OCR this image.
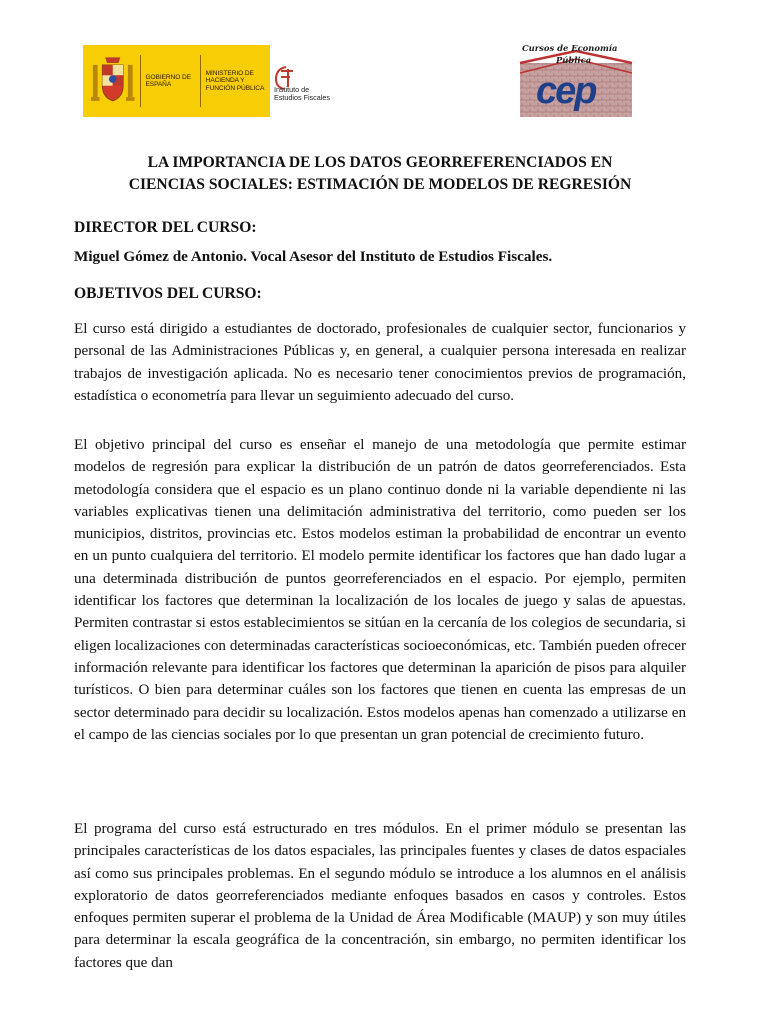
GOBIERNO DE ESPAÑA
MINISTERIO DE HACIENDA Y FUNCIÓN PÚBLICA	Instituto de Estudios Fiscales
Cursos de Economía
Pública
cep
LA IMPORTANCIA DE LOS DATOS GEORREFERENCIADOS EN
CIENCIAS SOCIALES: ESTIMACIÓN DE MODELOS DE REGRESIÓN
DIRECTOR DEL CURSO:

Miguel Gómez de Antonio. Vocal Asesor del Instituto de Estudios Fiscales.

OBJETIVOS DEL CURSO:

El curso está dirigido a estudiantes de doctorado, profesionales de cualquier sector, funcionarios y personal de las Administraciones Públicas y, en general, a cualquier persona interesada en realizar trabajos de investigación aplicada. No es necesario tener conocimientos previos de programación, estadística o econometría para llevar un seguimiento adecuado del curso.

El objetivo principal del curso es enseñar el manejo de una metodología que permite estimar modelos de regresión para explicar la distribución de un patrón de datos georreferenciados. Esta metodología considera que el espacio es un plano continuo donde ni la variable dependiente ni las variables explicativas tienen una delimitación administrativa del territorio, como pueden ser los municipios, distritos, provincias etc. Estos modelos estiman la probabilidad de encontrar un evento en un punto cualquiera del territorio. El modelo permite identificar los factores que han dado lugar a una determinada distribución de puntos georreferenciados en el espacio. Por ejemplo, permiten identificar los factores que determinan la localización de los locales de juego y salas de apuestas. Permiten contrastar si estos establecimientos se sitúan en la cercanía de los colegios de secundaria, si eligen localizaciones con determinadas características socioeconómicas, etc. También pueden ofrecer información relevante para identificar los factores que determinan la aparición de pisos para alquiler turísticos. O bien para determinar cuáles son los factores que tienen en cuenta las empresas de un sector determinado para decidir su localización. Estos modelos apenas han comenzado a utilizarse en el campo de las ciencias sociales por lo que presentan un gran potencial de crecimiento futuro.

El programa del curso está estructurado en tres módulos. En el primer módulo se presentan las principales características de los datos espaciales, las principales fuentes y clases de datos espaciales así como sus principales problemas. En el segundo módulo se introduce a los alumnos en el análisis exploratorio de datos georreferenciados mediante enfoques basados en casos y controles. Estos enfoques permiten superar el problema de la Unidad de Área Modificable (MAUP) y son muy útiles para determinar la escala geográfica de la concentración, sin embargo, no permiten identificar los factores que dan
